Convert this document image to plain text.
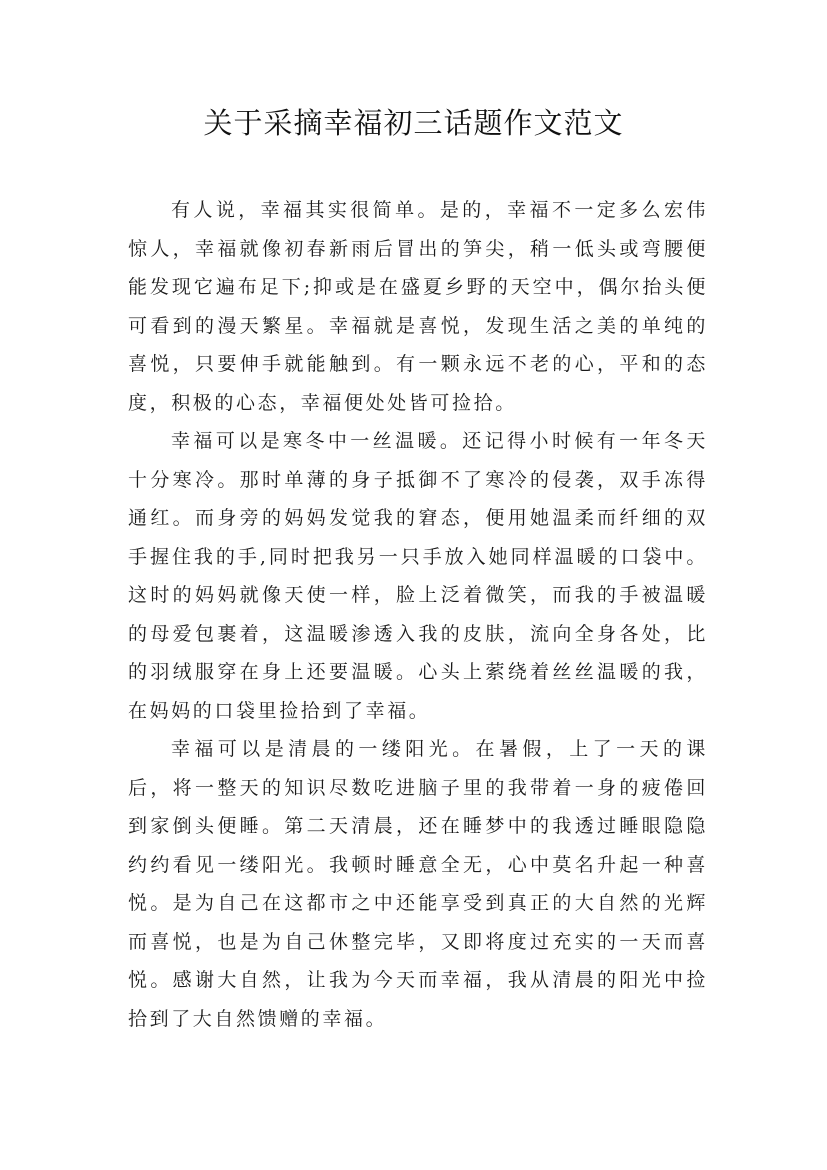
关于采摘幸福初三话题作文范文

有人说，幸福其实很简单。是的，幸福不一定多么宏伟惊人，幸福就像初春新雨后冒出的笋尖，稍一低头或弯腰便能发现它遍布足下;抑或是在盛夏乡野的天空中，偶尔抬头便可看到的漫天繁星。幸福就是喜悦，发现生活之美的单纯的喜悦，只要伸手就能触到。有一颗永远不老的心，平和的态度，积极的心态，幸福便处处皆可捡拾。

幸福可以是寒冬中一丝温暖。还记得小时候有一年冬天十分寒冷。那时单薄的身子抵御不了寒冷的侵袭，双手冻得通红。而身旁的妈妈发觉我的窘态，便用她温柔而纤细的双手握住我的手,同时把我另一只手放入她同样温暖的口袋中。这时的妈妈就像天使一样，脸上泛着微笑，而我的手被温暖的母爱包裹着，这温暖渗透入我的皮肤，流向全身各处，比的羽绒服穿在身上还要温暖。心头上萦绕着丝丝温暖的我，在妈妈的口袋里捡拾到了幸福。

幸福可以是清晨的一缕阳光。在暑假，上了一天的课后，将一整天的知识尽数吃进脑子里的我带着一身的疲倦回到家倒头便睡。第二天清晨，还在睡梦中的我透过睡眼隐隐约约看见一缕阳光。我顿时睡意全无，心中莫名升起一种喜悦。是为自己在这都市之中还能享受到真正的大自然的光辉而喜悦，也是为自己休整完毕，又即将度过充实的一天而喜悦。感谢大自然，让我为今天而幸福，我从清晨的阳光中捡拾到了大自然馈赠的幸福。
